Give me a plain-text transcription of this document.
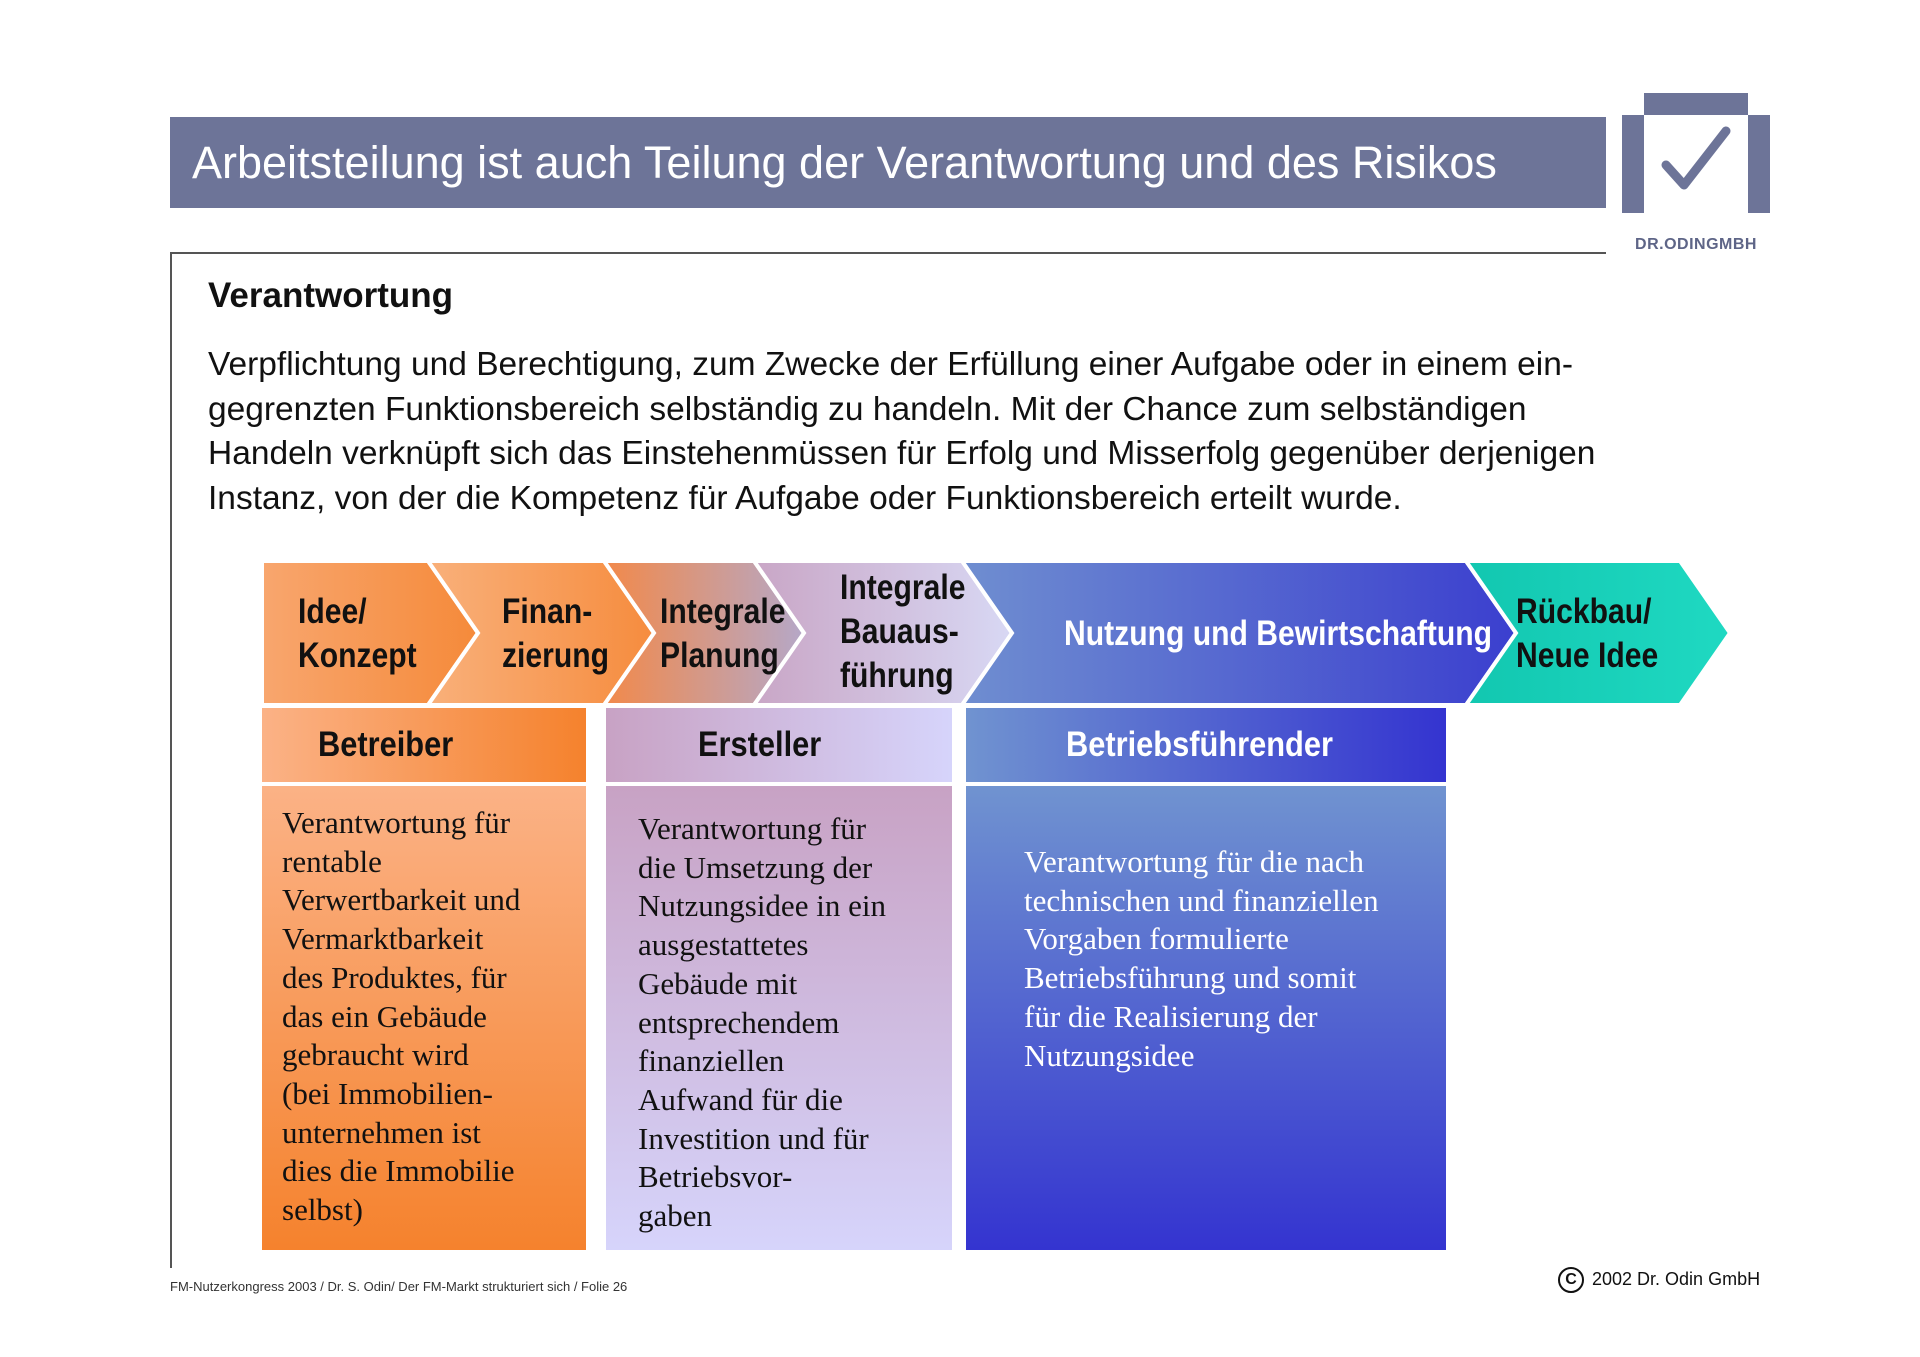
Arbeitsteilung ist auch Teilung der Verantwortung und des Risikos
DR.ODINGMBH
Verantwortung
Verpflichtung und Berechtigung, zum Zwecke der Erfüllung einer Aufgabe oder in einem ein-
gegrenzten Funktionsbereich selbständig zu handeln. Mit der Chance zum selbständigen
Handeln verknüpft sich das Einstehenmüssen für Erfolg und Misserfolg gegenüber derjenigen
Instanz, von der die Kompetenz für Aufgabe oder Funktionsbereich erteilt wurde.
Idee/
Konzept
Finan-
zierung
Integrale
Planung
Integrale
Bauaus-
führung
Nutzung und Bewirtschaftung
Rückbau/
Neue Idee
Betreiber	Ersteller	Betriebsführender
Verantwortung für
rentable
Verwertbarkeit und
Vermarktbarkeit
des Produktes, für
das ein Gebäude
gebraucht wird
(bei Immobilien-
unternehmen ist
dies die Immobilie
selbst)
Verantwortung für
die Umsetzung der
Nutzungsidee in ein
ausgestattetes
Gebäude mit
entsprechendem
finanziellen
Aufwand für die
Investition und für
Betriebsvor-
gaben
Verantwortung für die nach
technischen und finanziellen
Vorgaben formulierte
Betriebsführung und somit
für die Realisierung der
Nutzungsidee
FM-Nutzerkongress 2003 / Dr. S. Odin/ Der FM-Markt strukturiert sich / Folie 26	C 2002 Dr. Odin GmbH
